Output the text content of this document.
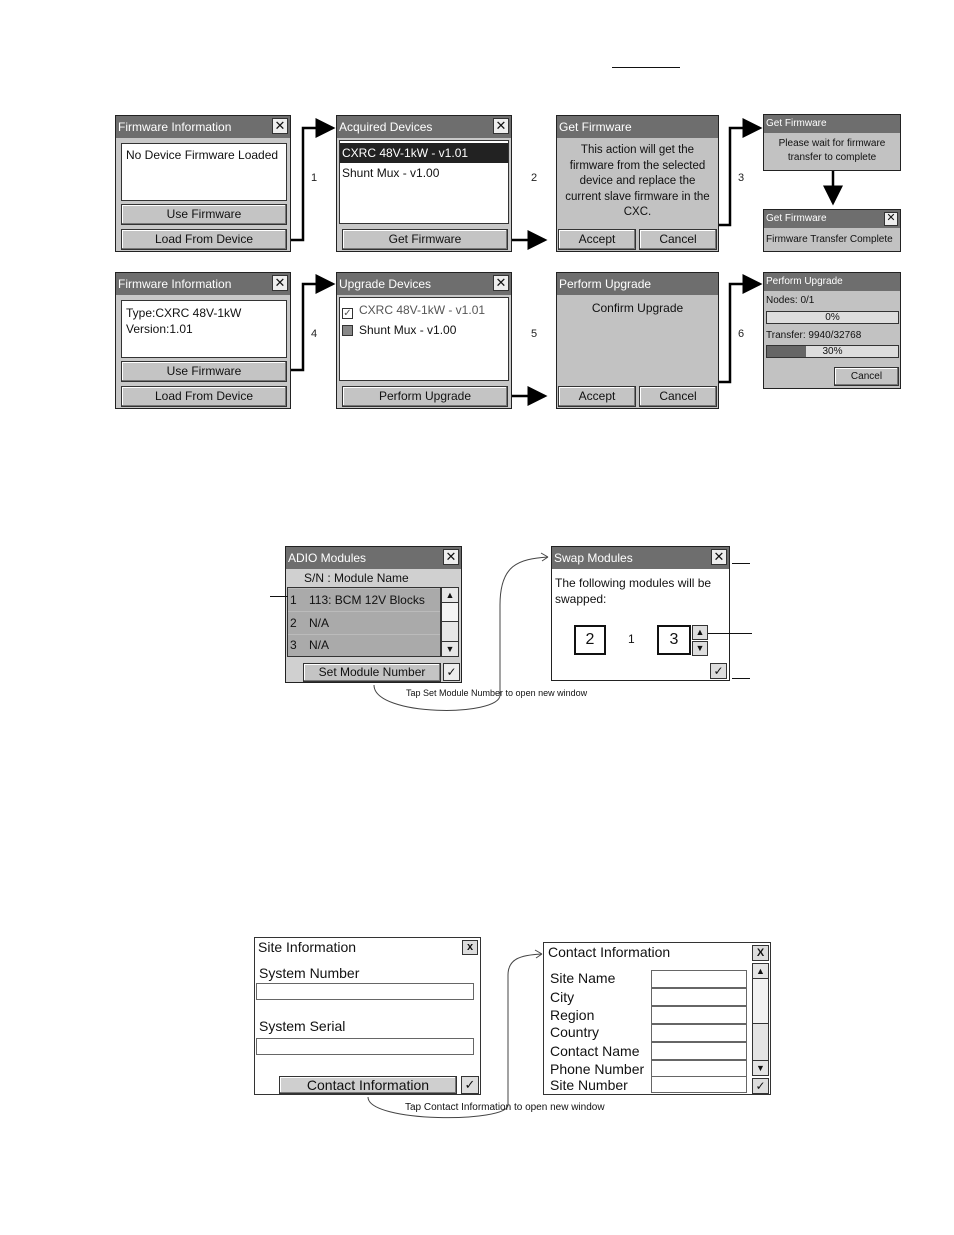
1	2	3
4	5	6
Firmware Information	✕
No Device Firmware Loaded
Use Firmware
Load From Device
Acquired Devices	✕
CXRC 48V-1kW - v1.01
Shunt Mux - v1.00
Get Firmware
Get Firmware
This action will get the firmware from the selected device and replace the current slave firmware in the CXC.
Accept	Cancel
Get Firmware
Please wait for firmware transfer to complete
Get Firmware	✕
Firmware Transfer Complete
Firmware Information	✕
Type:CXRC 48V-1kW
Version:1.01
Use Firmware
Load From Device
Upgrade Devices	✕
✓ CXRC 48V-1kW - v1.01
Shunt Mux - v1.00
Perform Upgrade
Perform Upgrade
Confirm Upgrade
Accept	Cancel
Perform Upgrade
Nodes: 0/1
0%
Transfer: 9940/32768
30%
Cancel
ADIO Modules	✕
S/N : Module Name
1 113: BCM 12V Blocks
2 N/A
3 N/A
▲
▼
Set Module Number	✓
Swap Modules	✕
The following modules will be swapped:
2	1	3	▲
▼
✓
Tap Set Module Number to open new window
Site Information	x
System Number
System Serial
Contact Information	✓
Contact Information	X
Site Name
City
Region
Country
Contact Name
Phone Number
Site Number
▲
▼
✓
Tap Contact Information to open new window
